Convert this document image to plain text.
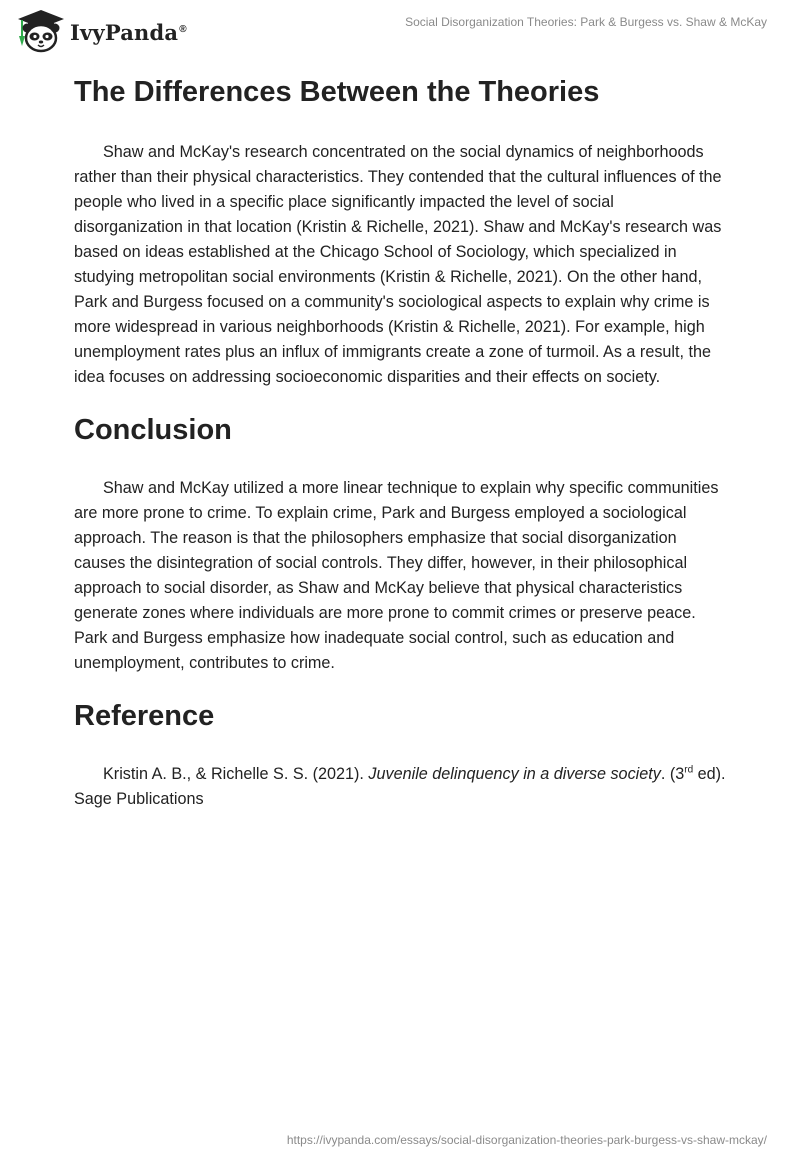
IvyPanda®	Social Disorganization Theories: Park & Burgess vs. Shaw & McKay
The Differences Between the Theories

Shaw and McKay's research concentrated on the social dynamics of neighborhoods rather than their physical characteristics. They contended that the cultural influences of the people who lived in a specific place significantly impacted the level of social disorganization in that location (Kristin & Richelle, 2021). Shaw and McKay's research was based on ideas established at the Chicago School of Sociology, which specialized in studying metropolitan social environments (Kristin & Richelle, 2021). On the other hand, Park and Burgess focused on a community's sociological aspects to explain why crime is more widespread in various neighborhoods (Kristin & Richelle, 2021). For example, high unemployment rates plus an influx of immigrants create a zone of turmoil. As a result, the idea focuses on addressing socioeconomic disparities and their effects on society.

Conclusion

Shaw and McKay utilized a more linear technique to explain why specific communities are more prone to crime. To explain crime, Park and Burgess employed a sociological approach. The reason is that the philosophers emphasize that social disorganization causes the disintegration of social controls. They differ, however, in their philosophical approach to social disorder, as Shaw and McKay believe that physical characteristics generate zones where individuals are more prone to commit crimes or preserve peace. Park and Burgess emphasize how inadequate social control, such as education and unemployment, contributes to crime.

Reference

Kristin A. B., & Richelle S. S. (2021). Juvenile delinquency in a diverse society. (3rd ed). Sage Publications

https://ivypanda.com/essays/social-disorganization-theories-park-burgess-vs-shaw-mckay/
